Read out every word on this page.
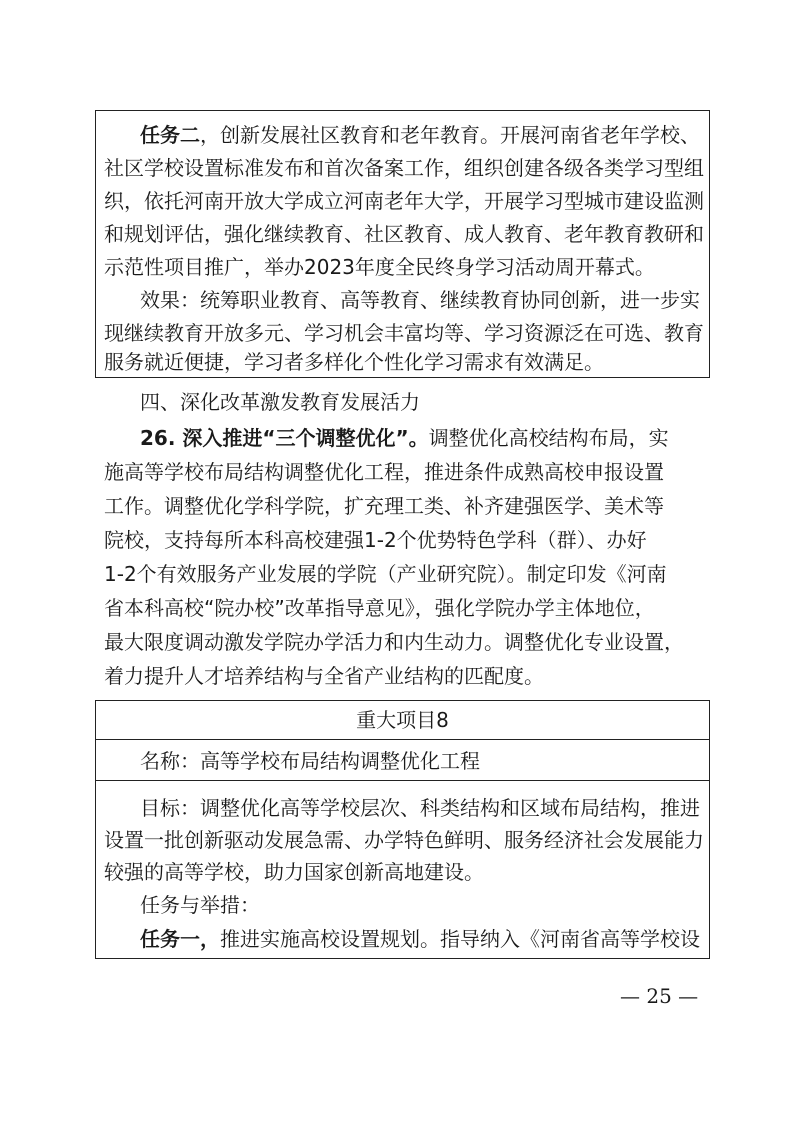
任务二，创新发展社区教育和老年教育。开展河南省老年学校、
社区学校设置标准发布和首次备案工作，组织创建各级各类学习型组
织，依托河南开放大学成立河南老年大学，开展学习型城市建设监测
和规划评估，强化继续教育、社区教育、成人教育、老年教育教研和
示范性项目推广，举办2023年度全民终身学习活动周开幕式。
效果：统筹职业教育、高等教育、继续教育协同创新，进一步实
现继续教育开放多元、学习机会丰富均等、学习资源泛在可选、教育
服务就近便捷，学习者多样化个性化学习需求有效满足。
四、深化改革激发教育发展活力
26. 深入推进“三个调整优化”。调整优化高校结构布局，实
施高等学校布局结构调整优化工程，推进条件成熟高校申报设置
工作。调整优化学科学院，扩充理工类、补齐建强医学、美术等
院校，支持每所本科高校建强1-2个优势特色学科（群）、办好
1-2个有效服务产业发展的学院（产业研究院）。制定印发《河南
省本科高校“院办校”改革指导意见》，强化学院办学主体地位，
最大限度调动激发学院办学活力和内生动力。调整优化专业设置，
着力提升人才培养结构与全省产业结构的匹配度。
重大项目8
名称：高等学校布局结构调整优化工程
目标：调整优化高等学校层次、科类结构和区域布局结构，推进
设置一批创新驱动发展急需、办学特色鲜明、服务经济社会发展能力
较强的高等学校，助力国家创新高地建设。
任务与举措：
任务一，推进实施高校设置规划。指导纳入《河南省高等学校设
— 25 —
